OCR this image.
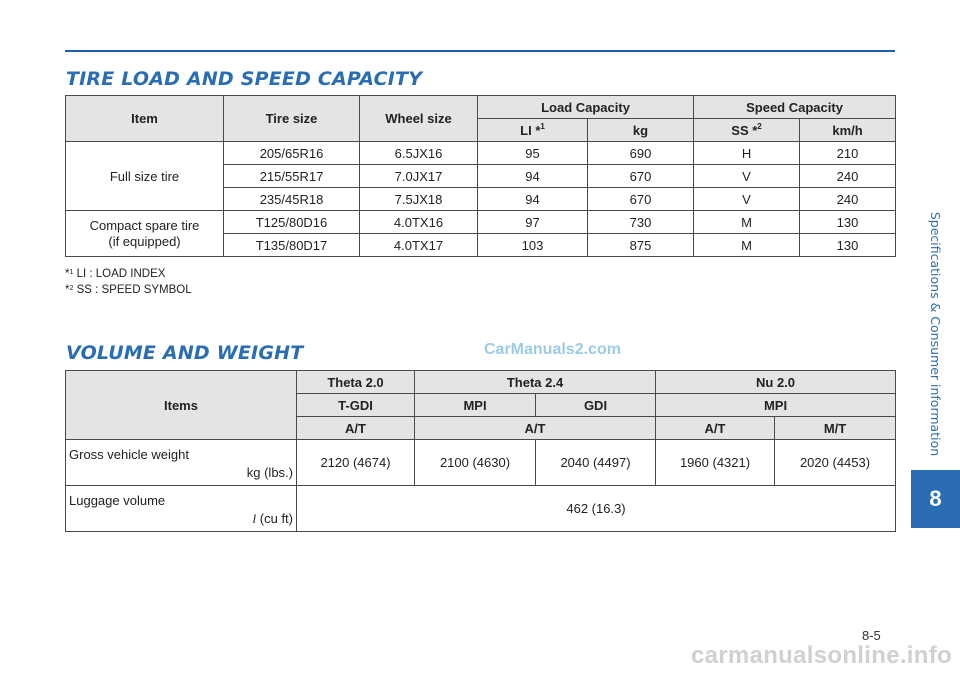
TIRE LOAD AND SPEED CAPACITY
Item	Tire size	Wheel size	Load Capacity		Speed Capacity	
			LI *$^1$	kg	SS *$^2$	km/h
Full size tire	205/65R16	6.5JX16	95	690	H	210
	215/55R17	7.0JX17	94	670	V	240
	235/45R18	7.5JX18	94	670	V	240
Compact spare tire
(if equipped)	T125/80D16	4.0TX16	97	730	M	130
	T135/80D17	4.0TX17	103	875	M	130
*$^1$ LI : LOAD INDEX
*$^2$ SS : SPEED SYMBOL
VOLUME AND WEIGHT	CarManuals2.com
Items	Theta 2.0	Theta 2.4		Nu 2.0	
	T-GDI	MPI	GDI	MPI	
	A/T	A/T		A/T	M/T

Gross vehicle weight
kg (lbs.)	2120 (4674)	2100 (4630)	2040 (4497)	1960 (4321)	2020 (4453)

Luggage volume
l (cu ft)	462 (16.3)				
Specifications & Consumer information
8
8-5
carmanualsonline.info
